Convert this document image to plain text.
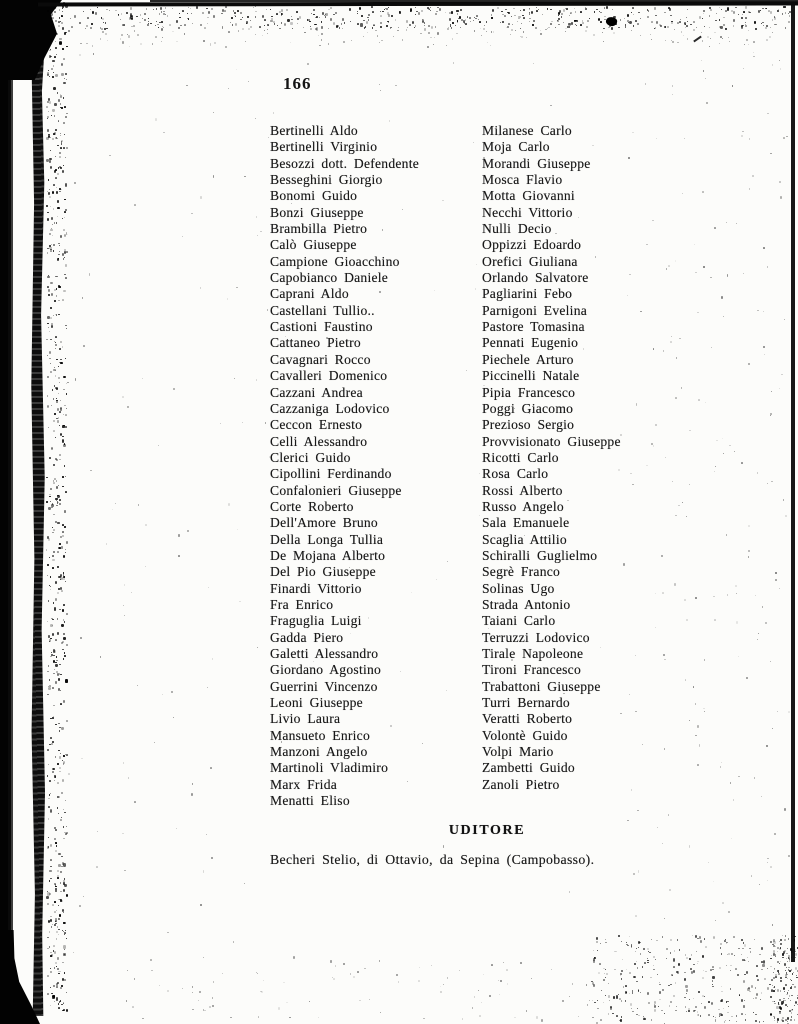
166
Bertinelli Aldo
Bertinelli Virginio
Besozzi dott. Defendente
Besseghini Giorgio
Bonomi Guido
Bonzi Giuseppe
Brambilla Pietro
Calò Giuseppe
Campione Gioacchino
Capobianco Daniele
Caprani Aldo
Castellani Tullio..
Castioni Faustino
Cattaneo Pietro
Cavagnari Rocco
Cavalleri Domenico
Cazzani Andrea
Cazzaniga Lodovico
Ceccon Ernesto
Celli Alessandro
Clerici Guido
Cipollini Ferdinando
Confalonieri Giuseppe
Corte Roberto
Dell'Amore Bruno
Della Longa Tullia
De Mojana Alberto
Del Pio Giuseppe
Finardi Vittorio
Fra Enrico
Fraguglia Luigi
Gadda Piero
Galetti Alessandro
Giordano Agostino
Guerrini Vincenzo
Leoni Giuseppe
Livio Laura
Mansueto Enrico
Manzoni Angelo
Martinoli Vladimiro
Marx Frida
Menatti Eliso
Milanese Carlo
Moja Carlo
Morandi Giuseppe
Mosca Flavio
Motta Giovanni
Necchi Vittorio
Nulli Decio
Oppizzi Edoardo
Orefici Giuliana
Orlando Salvatore
Pagliarini Febo
Parnigoni Evelina
Pastore Tomasina
Pennati Eugenio
Piechele Arturo
Piccinelli Natale
Pipia Francesco
Poggi Giacomo
Prezioso Sergio
Provvisionato Giuseppe
Ricotti Carlo
Rosa Carlo
Rossi Alberto
Russo Angelo
Sala Emanuele
Scaglia Attilio
Schiralli Guglielmo
Segrè Franco
Solinas Ugo
Strada Antonio
Taiani Carlo
Terruzzi Lodovico
Tirale Napoleone
Tironi Francesco
Trabattoni Giuseppe
Turri Bernardo
Veratti Roberto
Volontè Guido
Volpi Mario
Zambetti Guido
Zanoli Pietro
UDITORE
Becheri Stelio, di Ottavio, da Sepina (Campobasso).
